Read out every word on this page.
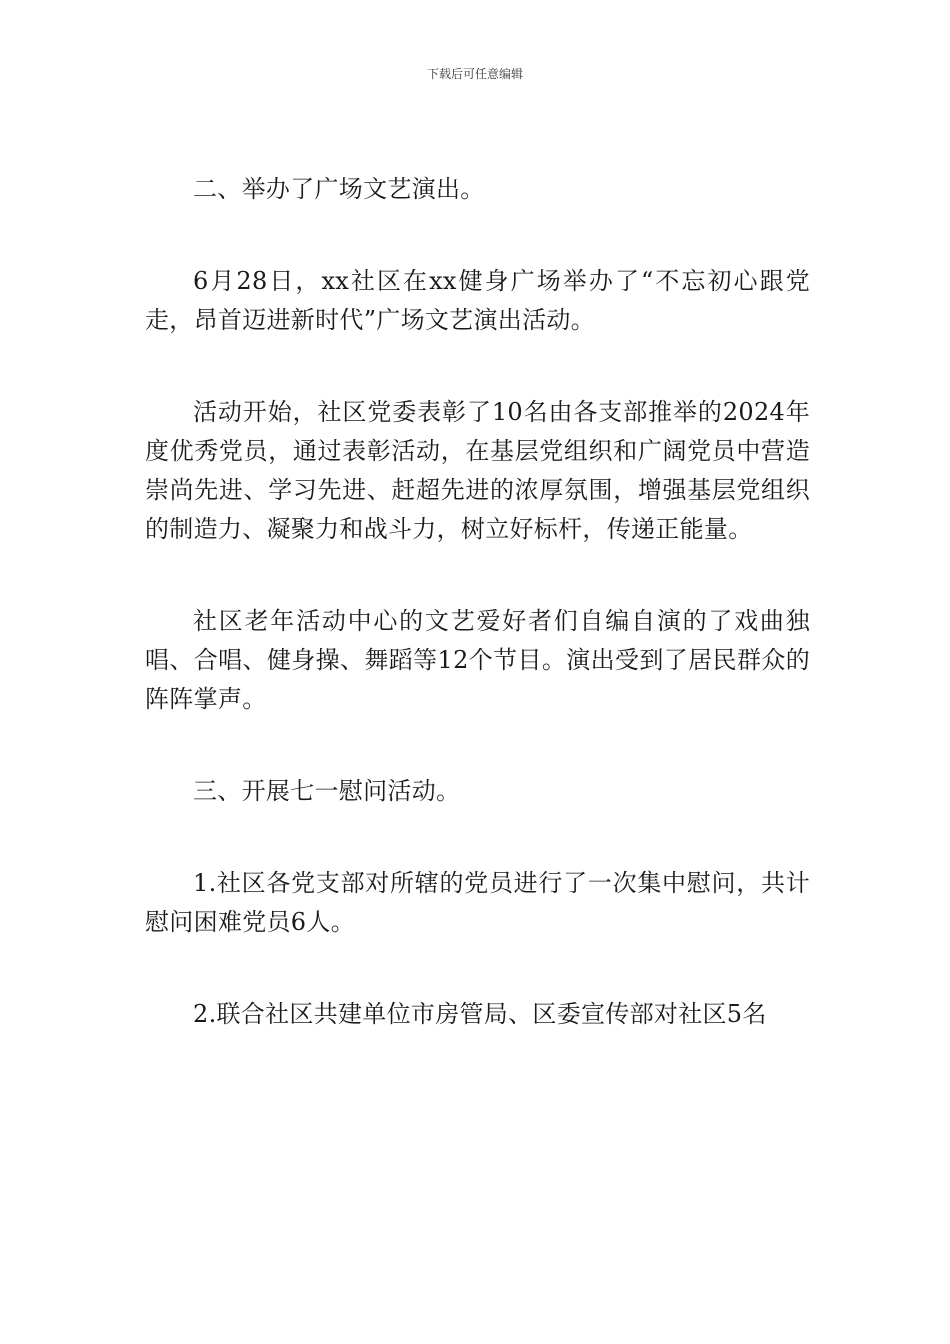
下载后可任意编辑

二、举办了广场文艺演出。

6月28日，xx社区在xx健身广场举办了“不忘初心跟党走，昂首迈进新时代”广场文艺演出活动。

活动开始，社区党委表彰了10名由各支部推举的2024年度优秀党员，通过表彰活动，在基层党组织和广阔党员中营造崇尚先进、学习先进、赶超先进的浓厚氛围，增强基层党组织的制造力、凝聚力和战斗力，树立好标杆，传递正能量。

社区老年活动中心的文艺爱好者们自编自演的了戏曲独唱、合唱、健身操、舞蹈等12个节目。演出受到了居民群众的阵阵掌声。

三、开展七一慰问活动。

1.社区各党支部对所辖的党员进行了一次集中慰问，共计慰问困难党员6人。

2.联合社区共建单位市房管局、区委宣传部对社区5名
